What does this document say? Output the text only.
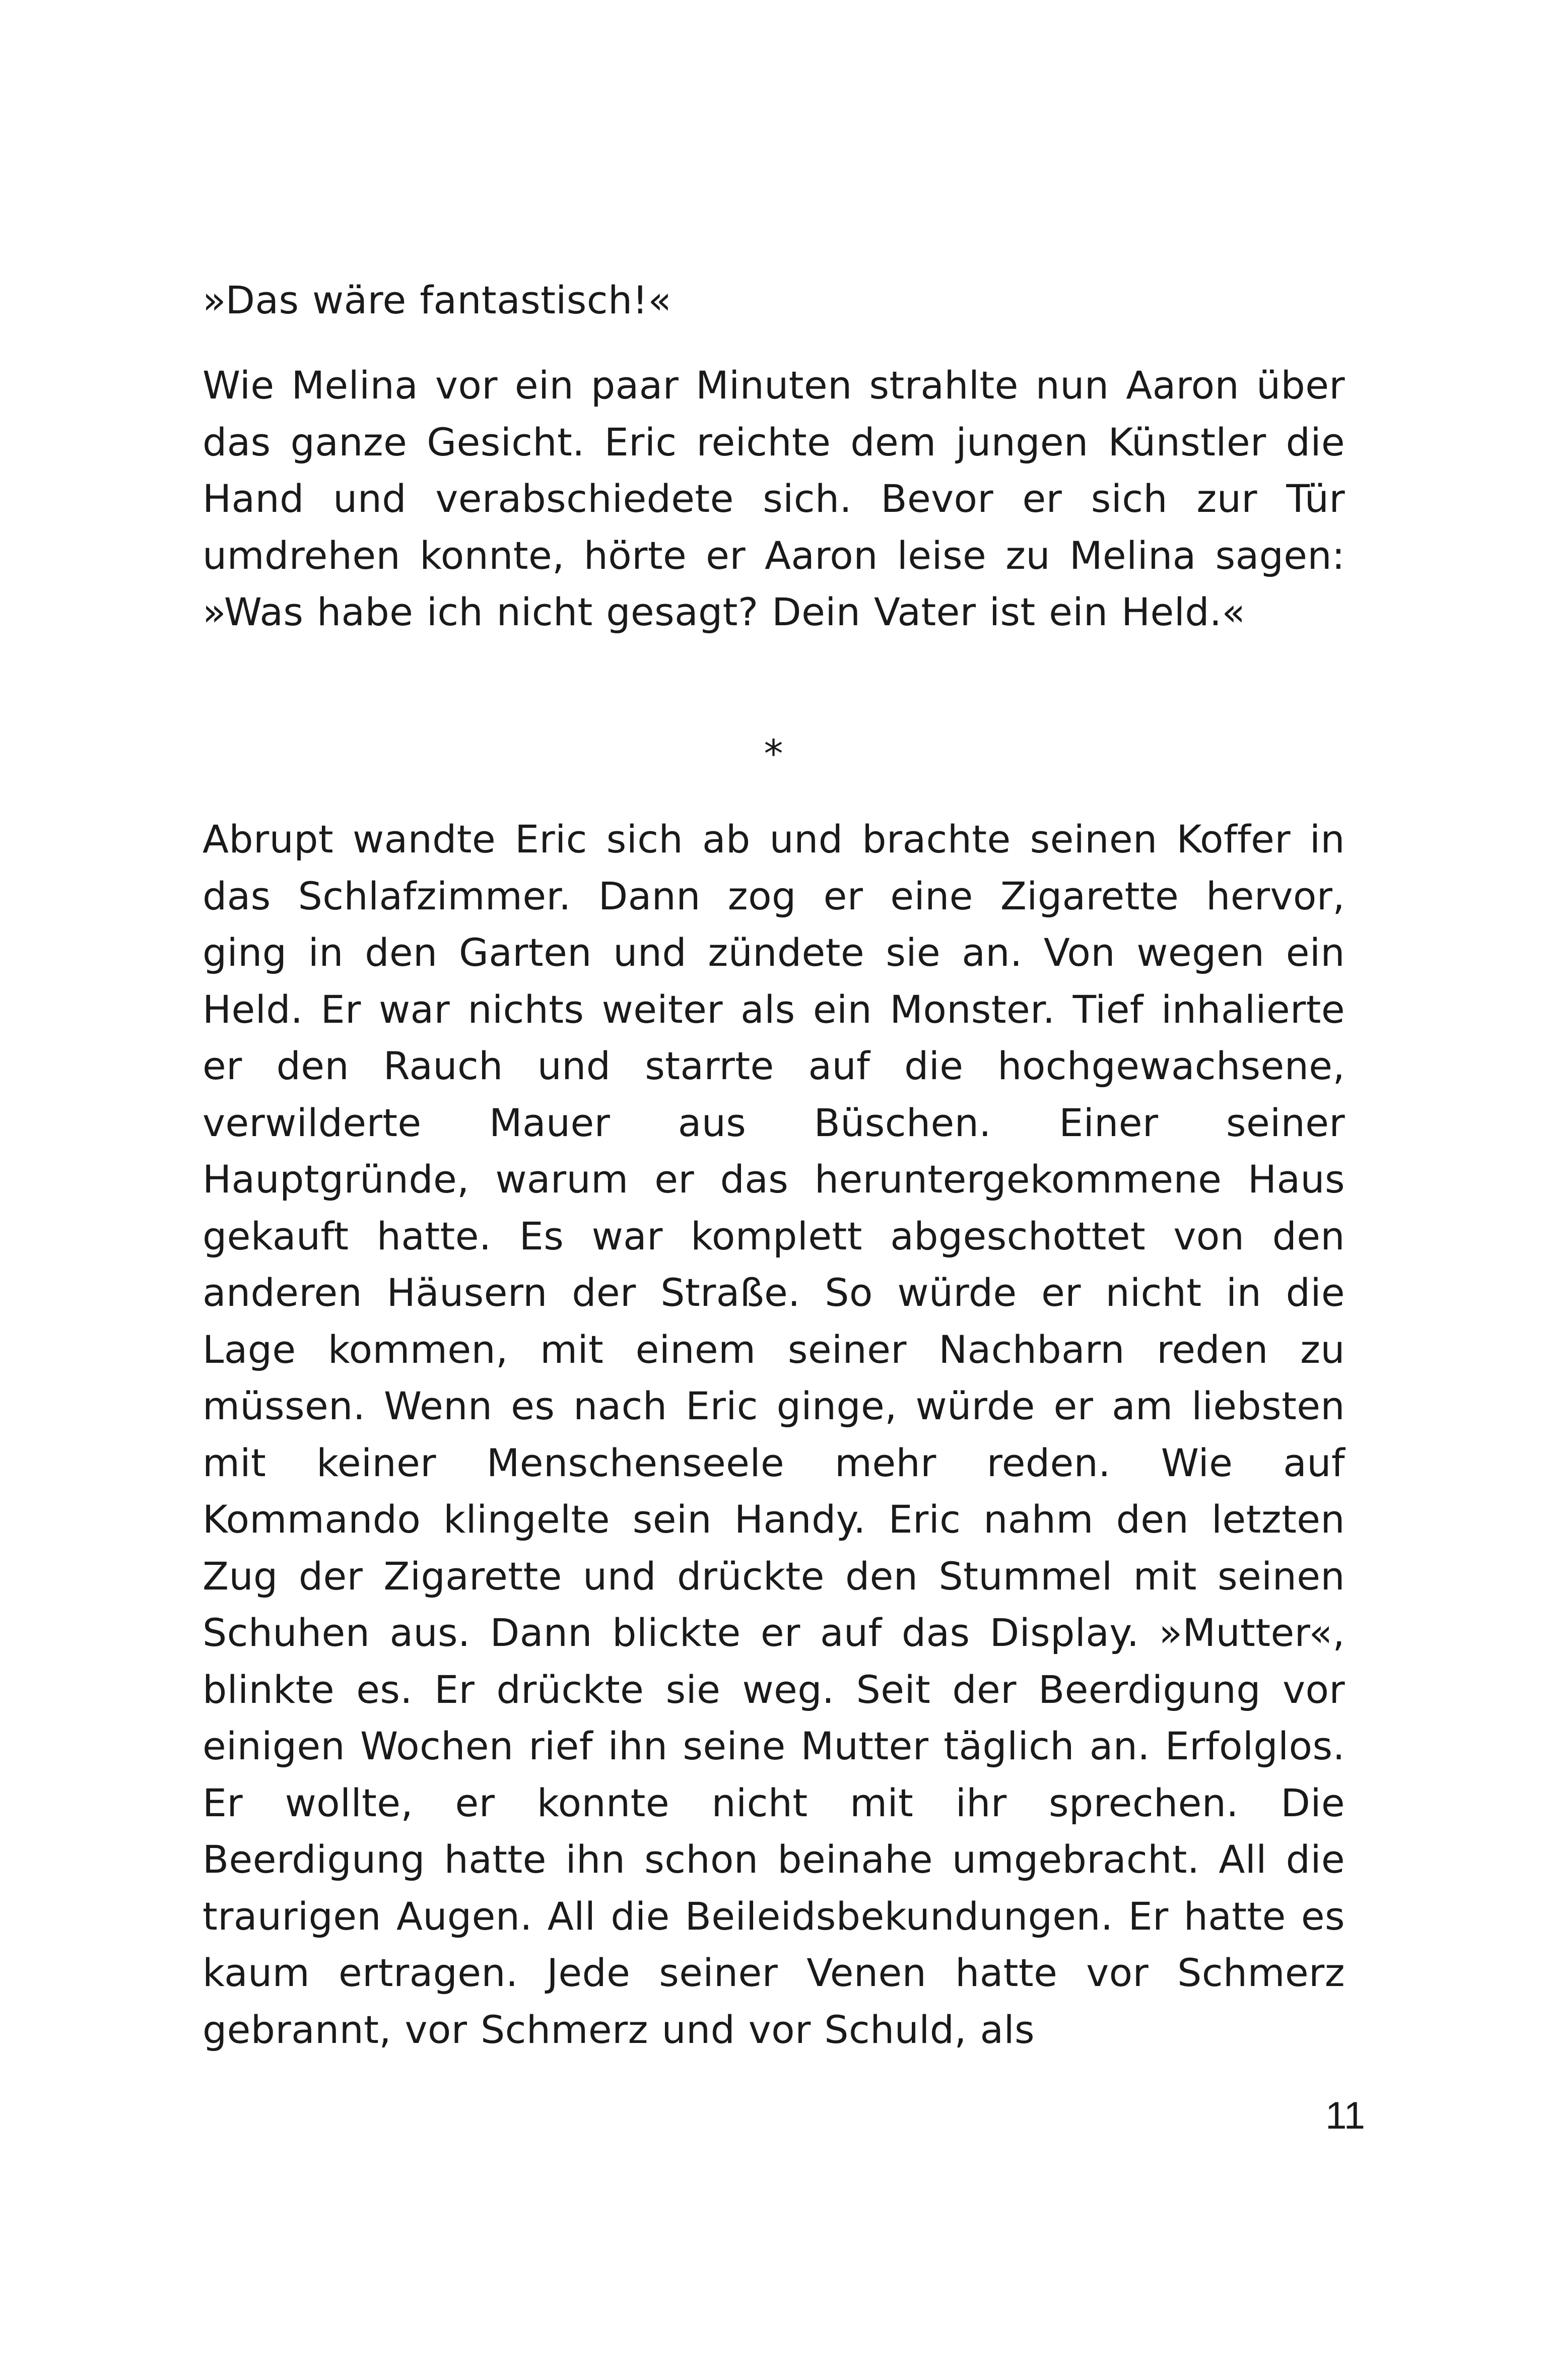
»Das wäre fantastisch!«

Wie Melina vor ein paar Minuten strahlte nun Aaron über das ganze Gesicht. Eric reichte dem jungen Künstler die Hand und verabschiedete sich. Bevor er sich zur Tür umdrehen konnte, hörte er Aaron leise zu Melina sagen: »Was habe ich nicht gesagt? Dein Vater ist ein Held.«

*

Abrupt wandte Eric sich ab und brachte seinen Koffer in das Schlafzimmer. Dann zog er eine Zigarette hervor, ging in den Garten und zündete sie an. Von wegen ein Held. Er war nichts weiter als ein Monster. Tief inhalierte er den Rauch und starrte auf die hochgewachsene, verwilderte Mauer aus Büschen. Einer seiner Hauptgründe, warum er das heruntergekommene Haus gekauft hatte. Es war komplett abgeschottet von den anderen Häusern der Straße. So würde er nicht in die Lage kommen, mit einem seiner Nachbarn reden zu müssen. Wenn es nach Eric ginge, würde er am liebsten mit keiner Menschenseele mehr reden. Wie auf Kommando klingelte sein Handy. Eric nahm den letzten Zug der Zigarette und drückte den Stummel mit seinen Schuhen aus. Dann blickte er auf das Display. »Mutter«, blinkte es. Er drückte sie weg. Seit der Beerdigung vor einigen Wochen rief ihn seine Mutter täglich an. Erfolglos. Er wollte, er konnte nicht mit ihr sprechen. Die Beerdigung hatte ihn schon beinahe umgebracht. All die traurigen Augen. All die Beileidsbekundungen. Er hatte es kaum ertragen. Jede seiner Venen hatte vor Schmerz gebrannt, vor Schmerz und vor Schuld, als

11
